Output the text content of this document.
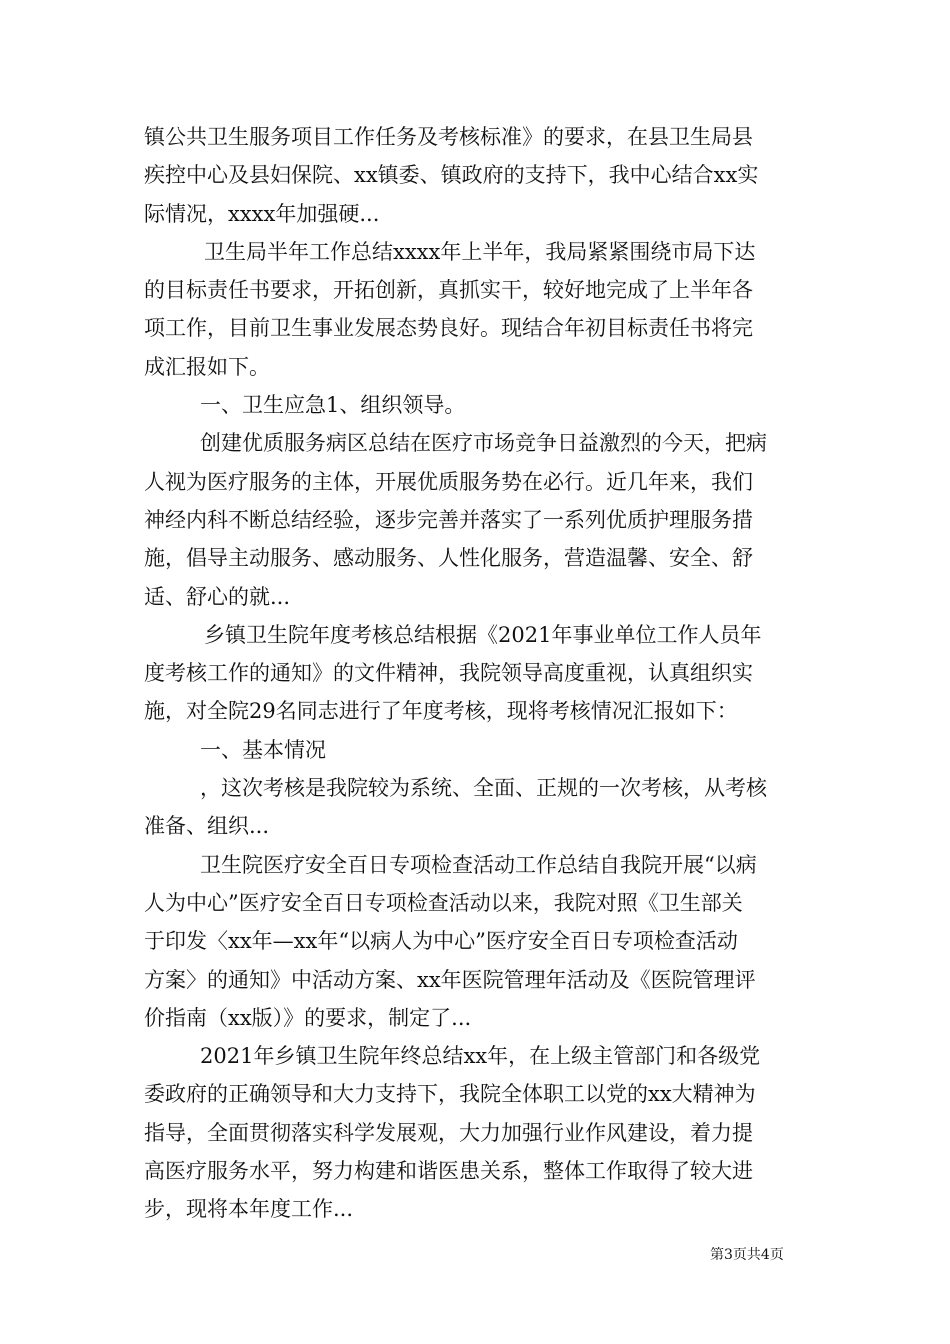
镇公共卫生服务项目工作任务及考核标准》的要求，在县卫生局县
疾控中心及县妇保院、xx镇委、镇政府的支持下，我中心结合xx实
际情况，xxxx年加强硬...
卫生局半年工作总结xxxx年上半年，我局紧紧围绕市局下达
的目标责任书要求，开拓创新，真抓实干，较好地完成了上半年各
项工作，目前卫生事业发展态势良好。现结合年初目标责任书将完
成汇报如下。
一、卫生应急1、组织领导。
创建优质服务病区总结在医疗市场竞争日益激烈的今天，把病
人视为医疗服务的主体，开展优质服务势在必行。近几年来，我们
神经内科不断总结经验，逐步完善并落实了一系列优质护理服务措
施，倡导主动服务、感动服务、人性化服务，营造温馨、安全、舒
适、舒心的就...
乡镇卫生院年度考核总结根据《2021年事业单位工作人员年
度考核工作的通知》的文件精神，我院领导高度重视，认真组织实
施，对全院29名同志进行了年度考核，现将考核情况汇报如下：
一、基本情况
，这次考核是我院较为系统、全面、正规的一次考核，从考核
准备、组织...
卫生院医疗安全百日专项检查活动工作总结自我院开展“以病
人为中心”医疗安全百日专项检查活动以来，我院对照《卫生部关
于印发〈xx年—xx年“以病人为中心”医疗安全百日专项检查活动
方案〉的通知》中活动方案、xx年医院管理年活动及《医院管理评
价指南（xx版）》的要求，制定了...
2021年乡镇卫生院年终总结xx年，在上级主管部门和各级党
委政府的正确领导和大力支持下，我院全体职工以党的xx大精神为
指导，全面贯彻落实科学发展观，大力加强行业作风建设，着力提
高医疗服务水平，努力构建和谐医患关系，整体工作取得了较大进
步，现将本年度工作...
第3页共4页
